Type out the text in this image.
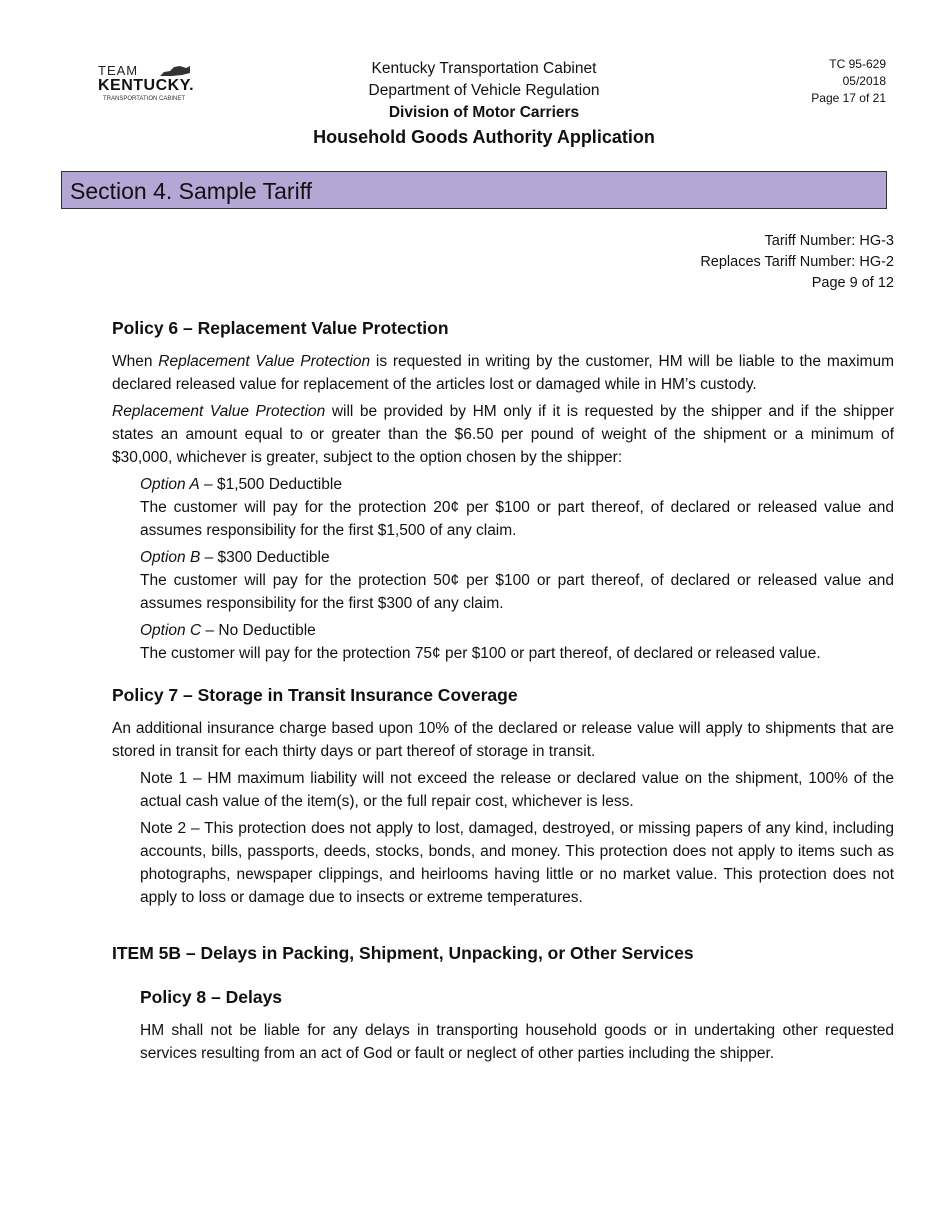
TEAM
KENTUCKY.
TRANSPORTATION CABINET
Kentucky Transportation Cabinet
Department of Vehicle Regulation
Division of Motor Carriers
Household Goods Authority Application
TC 95-629
05/2018
Page 17 of 21
Section 4. Sample Tariff
Tariff Number: HG-3
Replaces Tariff Number: HG-2
Page 9 of 12
Policy 6 – Replacement Value Protection

When Replacement Value Protection is requested in writing by the customer, HM will be liable to the maximum declared released value for replacement of the articles lost or damaged while in HM’s custody.

Replacement Value Protection will be provided by HM only if it is requested by the shipper and if the shipper states an amount equal to or greater than the $6.50 per pound of weight of the shipment or a minimum of $30,000, whichever is greater, subject to the option chosen by the shipper:

Option A – $1,500 Deductible

The customer will pay for the protection 20¢ per $100 or part thereof, of declared or released value and assumes responsibility for the first $1,500 of any claim.

Option B – $300 Deductible

The customer will pay for the protection 50¢ per $100 or part thereof, of declared or released value and assumes responsibility for the first $300 of any claim.

Option C – No Deductible

The customer will pay for the protection 75¢ per $100 or part thereof, of declared or released value.

Policy 7 – Storage in Transit Insurance Coverage

An additional insurance charge based upon 10% of the declared or release value will apply to shipments that are stored in transit for each thirty days or part thereof of storage in transit.

Note 1 – HM maximum liability will not exceed the release or declared value on the shipment, 100% of the actual cash value of the item(s), or the full repair cost, whichever is less.

Note 2 – This protection does not apply to lost, damaged, destroyed, or missing papers of any kind, including accounts, bills, passports, deeds, stocks, bonds, and money. This protection does not apply to items such as photographs, newspaper clippings, and heirlooms having little or no market value. This protection does not apply to loss or damage due to insects or extreme temperatures.

ITEM 5B – Delays in Packing, Shipment, Unpacking, or Other Services
Policy 8 – Delays

HM shall not be liable for any delays in transporting household goods or in undertaking other requested services resulting from an act of God or fault or neglect of other parties including the shipper.
